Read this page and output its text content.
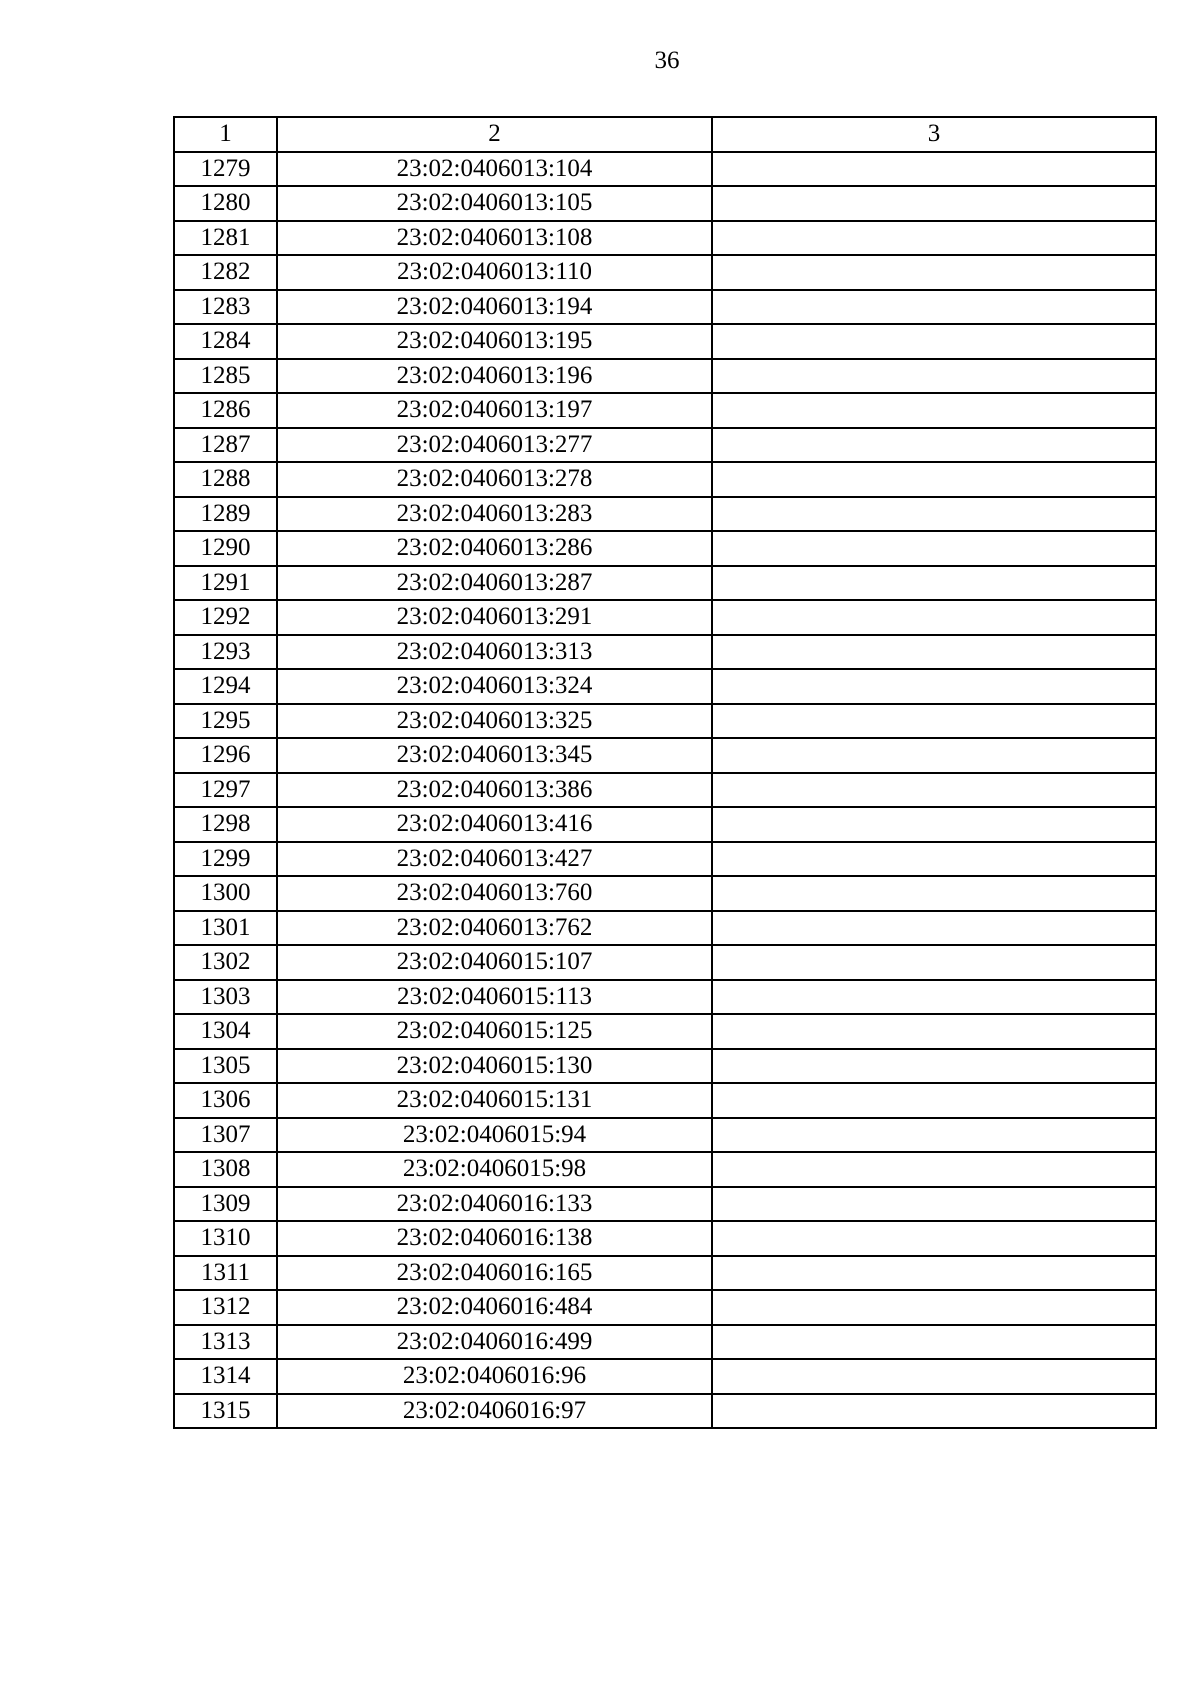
36
1	2	3
1279	23:02:0406013:104	
1280	23:02:0406013:105	
1281	23:02:0406013:108	
1282	23:02:0406013:110	
1283	23:02:0406013:194	
1284	23:02:0406013:195	
1285	23:02:0406013:196	
1286	23:02:0406013:197	
1287	23:02:0406013:277	
1288	23:02:0406013:278	
1289	23:02:0406013:283	
1290	23:02:0406013:286	
1291	23:02:0406013:287	
1292	23:02:0406013:291	
1293	23:02:0406013:313	
1294	23:02:0406013:324	
1295	23:02:0406013:325	
1296	23:02:0406013:345	
1297	23:02:0406013:386	
1298	23:02:0406013:416	
1299	23:02:0406013:427	
1300	23:02:0406013:760	
1301	23:02:0406013:762	
1302	23:02:0406015:107	
1303	23:02:0406015:113	
1304	23:02:0406015:125	
1305	23:02:0406015:130	
1306	23:02:0406015:131	
1307	23:02:0406015:94	
1308	23:02:0406015:98	
1309	23:02:0406016:133	
1310	23:02:0406016:138	
1311	23:02:0406016:165	
1312	23:02:0406016:484	
1313	23:02:0406016:499	
1314	23:02:0406016:96	
1315	23:02:0406016:97	
